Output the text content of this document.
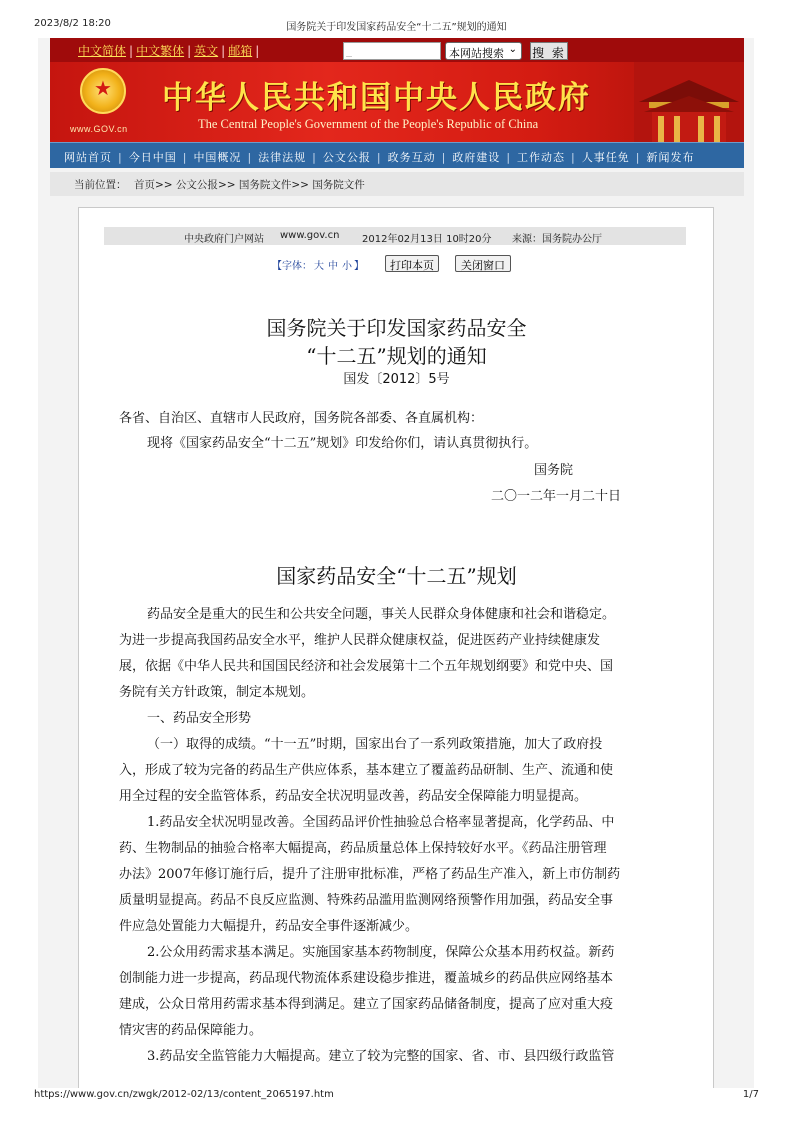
2023/8/2 18:20	国务院关于印发国家药品安全“十二五”规划的通知
中文简体 | 中文繁体 | 英文 | 邮箱 |	…	本网站搜索 ⌄ 搜 索
★
www.GOV.cn
中华人民共和国中央人民政府
The Central People's Government of the People's Republic of China
网站首页 | 今日中国 | 中国概况 | 法律法规 | 公文公报 | 政务互动 | 政府建设 | 工作动态 | 人事任免 | 新闻发布
当前位置： 首页>> 公文公报>> 国务院文件>> 国务院文件
中央政府门户网站 www.gov.cn 2012年02月13日 10时20分 来源：国务院办公厅
【字体： 大 中 小 】	打印本页	关闭窗口
国务院关于印发国家药品安全
“十二五”规划的通知
国发〔2012〕5号
各省、自治区、直辖市人民政府，国务院各部委、各直属机构：
现将《国家药品安全“十二五”规划》印发给你们，请认真贯彻执行。
国务院
二〇一二年一月二十日
国家药品安全“十二五”规划
药品安全是重大的民生和公共安全问题，事关人民群众身体健康和社会和谐稳定。
为进一步提高我国药品安全水平，维护人民群众健康权益，促进医药产业持续健康发
展，依据《中华人民共和国国民经济和社会发展第十二个五年规划纲要》和党中央、国
务院有关方针政策，制定本规划。
一、药品安全形势
（一）取得的成绩。“十一五”时期，国家出台了一系列政策措施，加大了政府投
入，形成了较为完备的药品生产供应体系，基本建立了覆盖药品研制、生产、流通和使
用全过程的安全监管体系，药品安全状况明显改善，药品安全保障能力明显提高。
1.药品安全状况明显改善。全国药品评价性抽验总合格率显著提高，化学药品、中
药、生物制品的抽验合格率大幅提高，药品质量总体上保持较好水平。《药品注册管理
办法》2007年修订施行后，提升了注册审批标准，严格了药品生产准入，新上市仿制药
质量明显提高。药品不良反应监测、特殊药品滥用监测网络预警作用加强，药品安全事
件应急处置能力大幅提升，药品安全事件逐渐减少。
2.公众用药需求基本满足。实施国家基本药物制度，保障公众基本用药权益。新药
创制能力进一步提高，药品现代物流体系建设稳步推进，覆盖城乡的药品供应网络基本
建成，公众日常用药需求基本得到满足。建立了国家药品储备制度，提高了应对重大疫
情灾害的药品保障能力。
3.药品安全监管能力大幅提高。建立了较为完整的国家、省、市、县四级行政监管
https://www.gov.cn/zwgk/2012-02/13/content_2065197.htm	1/7
